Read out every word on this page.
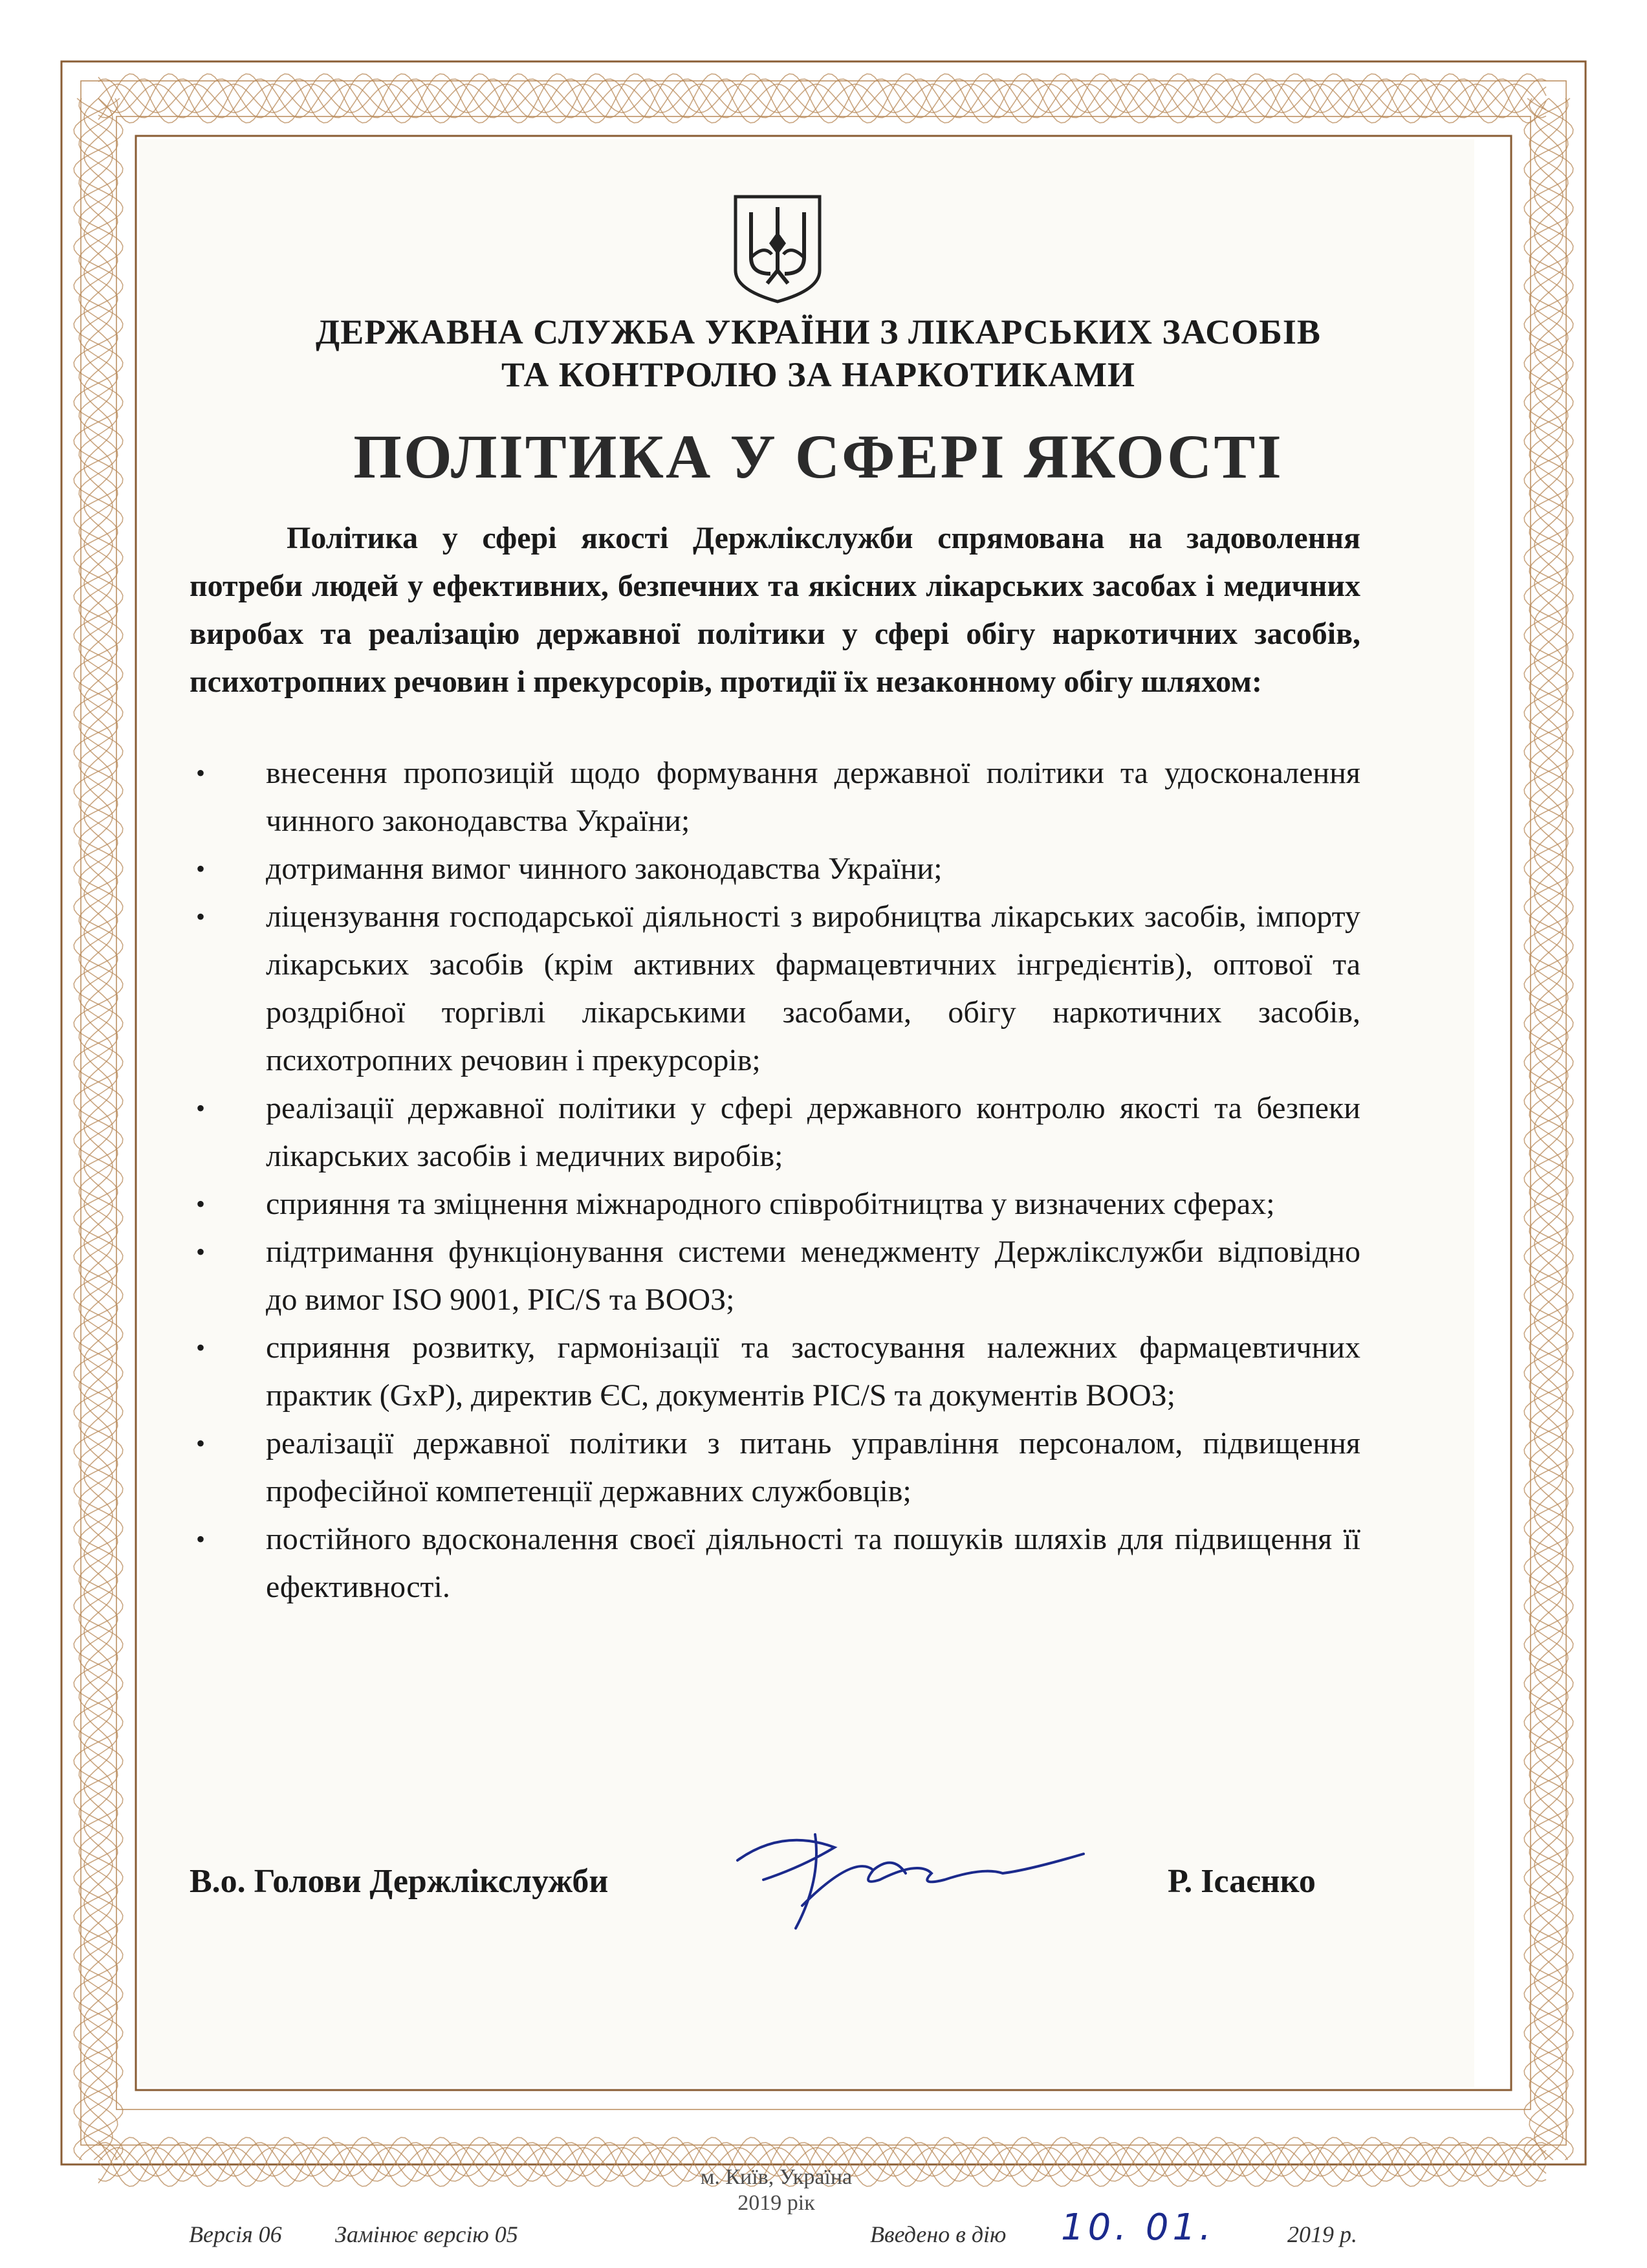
ДЕРЖАВНА СЛУЖБА УКРАЇНИ З ЛІКАРСЬКИХ ЗАСОБІВ
ТА КОНТРОЛЮ ЗА НАРКОТИКАМИ
ПОЛІТИКА У СФЕРІ ЯКОСТІ
Політика у сфері якості Держлікслужби спрямована на задоволення потреби людей у ефективних, безпечних та якісних лікарських засобах і медичних виробах та реалізацію державної політики у сфері обігу наркотичних засобів, психотропних речовин і прекурсорів, протидії їх незаконному обігу шляхом:
•	внесення пропозицій щодо формування державної політики та удосконалення чинного законодавства України;
•	дотримання вимог чинного законодавства України;
•	ліцензування господарської діяльності з виробництва лікарських засобів, імпорту лікарських засобів (крім активних фармацевтичних інгредієнтів), оптової та роздрібної торгівлі лікарськими засобами, обігу наркотичних засобів, психотропних речовин і прекурсорів;
•	реалізації державної політики у сфері державного контролю якості та безпеки лікарських засобів і медичних виробів;
•	сприяння та зміцнення міжнародного співробітництва у визначених сферах;
•	підтримання функціонування системи менеджменту Держлікслужби відповідно до вимог ISO 9001, PIC/S та ВООЗ;
•	сприяння розвитку, гармонізації та застосування належних фармацевтичних практик (GxP), директив ЄС, документів PIC/S та документів ВООЗ;
•	реалізації державної політики з питань управління персоналом, підвищення професійної компетенції державних службовців;
•	постійного вдосконалення своєї діяльності та пошуків шляхів для підвищення її ефективності.
В.о. Голови Держлікслужби	Р. Ісаєнко
м. Київ, Україна
2019 рік
Версія 06 Замінює версію 05	Введено в дію 10. 01.	2019 р.
